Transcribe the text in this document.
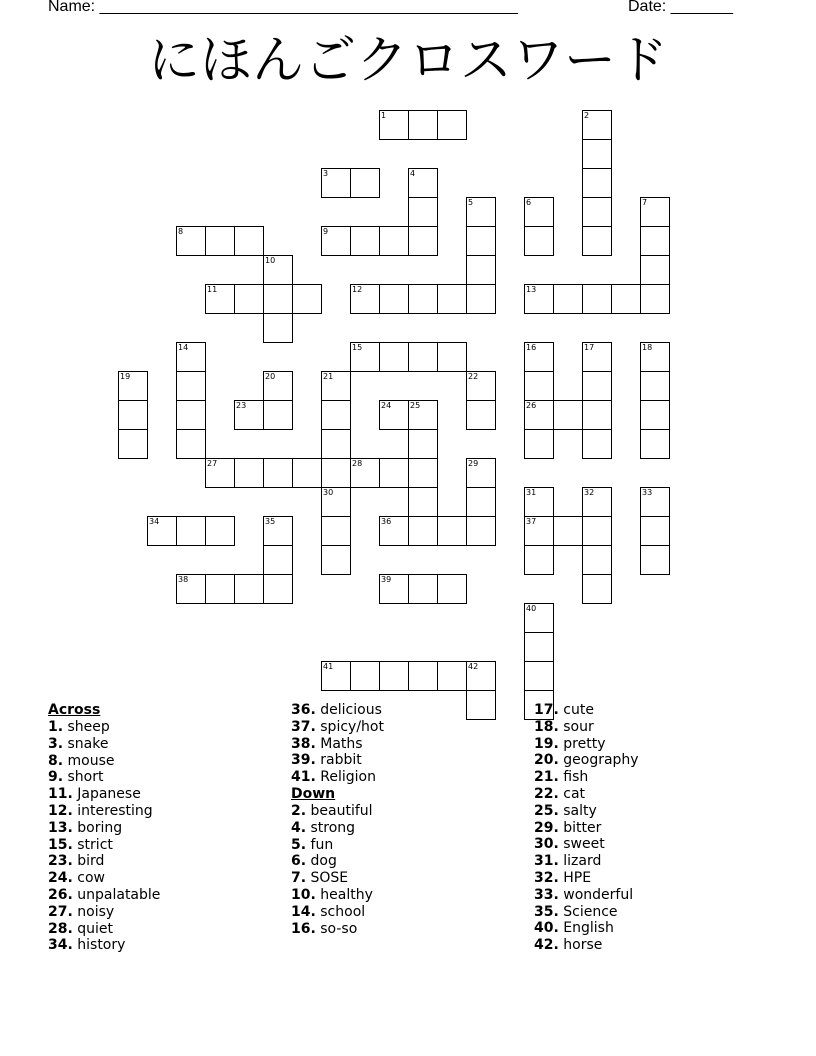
Name: _______________________________________________	Date: _______
にほんごクロスワード
1	2
3	4
5	6	7
8	9
10
11	12	13
14	15	16	17	18
19	20	21	22
23	24 25	26
27	28	29
30	31	32	33
34	35	36	37
38	39
40
41	42
Across
1. sheep
3. snake
8. mouse
9. short
11. Japanese
12. interesting
13. boring
15. strict
23. bird
24. cow
26. unpalatable
27. noisy
28. quiet
34. history
36. delicious
37. spicy/hot
38. Maths
39. rabbit
41. Religion
Down
2. beautiful
4. strong
5. fun
6. dog
7. SOSE
10. healthy
14. school
16. so-so
17. cute
18. sour
19. pretty
20. geography
21. fish
22. cat
25. salty
29. bitter
30. sweet
31. lizard
32. HPE
33. wonderful
35. Science
40. English
42. horse
